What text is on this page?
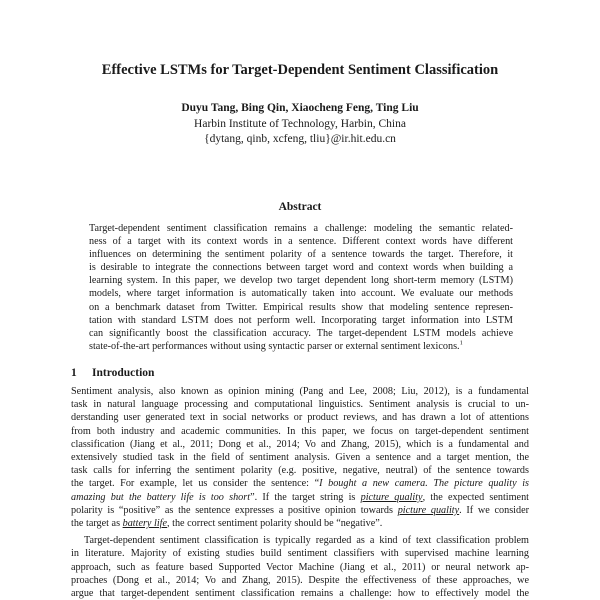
Effective LSTMs for Target-Dependent Sentiment Classification
Duyu Tang, Bing Qin, Xiaocheng Feng, Ting Liu
Harbin Institute of Technology, Harbin, China
{dytang, qinb, xcfeng, tliu}@ir.hit.edu.cn
Abstract
Target-dependent sentiment classification remains a challenge: modeling the semantic related-
ness of a target with its context words in a sentence. Different context words have different
influences on determining the sentiment polarity of a sentence towards the target. Therefore, it
is desirable to integrate the connections between target word and context words when building a
learning system. In this paper, we develop two target dependent long short-term memory (LSTM)
models, where target information is automatically taken into account. We evaluate our methods
on a benchmark dataset from Twitter. Empirical results show that modeling sentence represen-
tation with standard LSTM does not perform well. Incorporating target information into LSTM
can significantly boost the classification accuracy. The target-dependent LSTM models achieve
state-of-the-art performances without using syntactic parser or external sentiment lexicons.$^1$
1 Introduction
Sentiment analysis, also known as opinion mining (Pang and Lee, 2008; Liu, 2012), is a fundamental
task in natural language processing and computational linguistics. Sentiment analysis is crucial to un-
derstanding user generated text in social networks or product reviews, and has drawn a lot of attentions
from both industry and academic communities. In this paper, we focus on target-dependent sentiment
classification (Jiang et al., 2011; Dong et al., 2014; Vo and Zhang, 2015), which is a fundamental and
extensively studied task in the field of sentiment analysis. Given a sentence and a target mention, the
task calls for inferring the sentiment polarity (e.g. positive, negative, neutral) of the sentence towards
the target. For example, let us consider the sentence: “I bought a new camera. The picture quality is
amazing but the battery life is too short”. If the target string is picture quality, the expected sentiment
polarity is “positive” as the sentence expresses a positive opinion towards picture quality. If we consider
the target as battery life, the correct sentiment polarity should be “negative”.
Target-dependent sentiment classification is typically regarded as a kind of text classification problem
in literature. Majority of existing studies build sentiment classifiers with supervised machine learning
approach, such as feature based Supported Vector Machine (Jiang et al., 2011) or neural network ap-
proaches (Dong et al., 2014; Vo and Zhang, 2015). Despite the effectiveness of these approaches, we
argue that target-dependent sentiment classification remains a challenge: how to effectively model the
